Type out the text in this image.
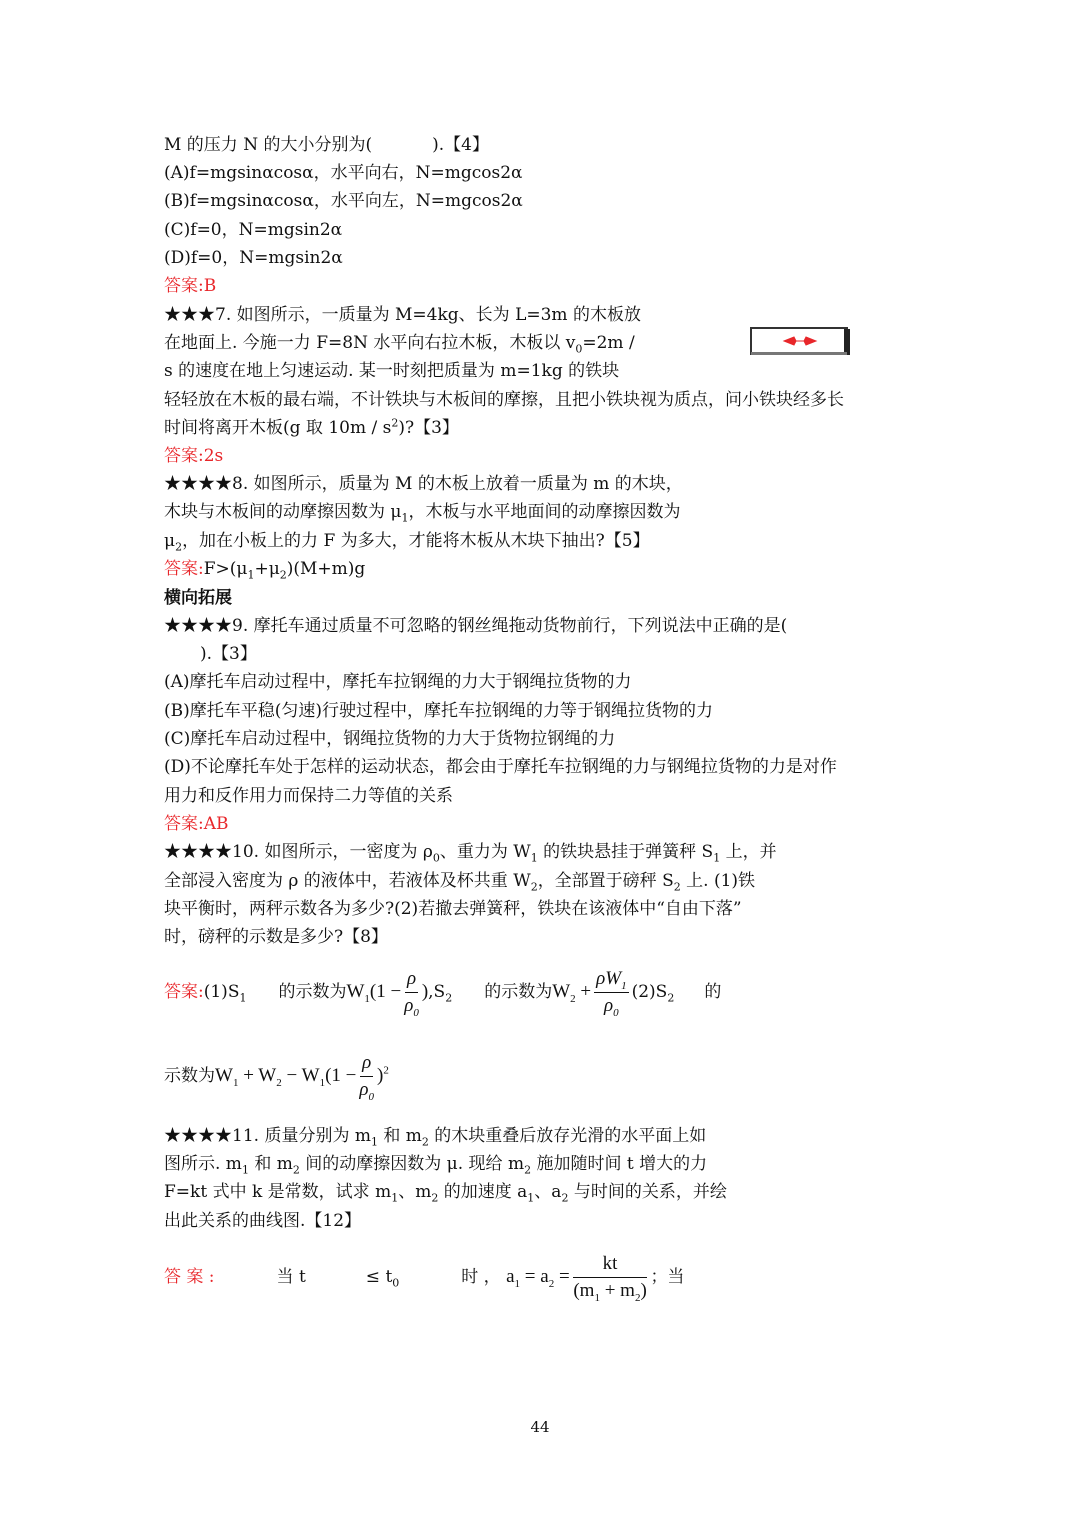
M 的压力 N 的大小分别为(	).【4】
(A)f=mgsinαcosα，水平向右，N=mgcos2α
(B)f=mgsinαcosα，水平向左，N=mgcos2α
(C)f=0，N=mgsin2α
(D)f=0，N=mgsin2α
答案:B
★★★7. 如图所示，一质量为 M=4kg、长为 L=3m 的木板放
在地面上. 今施一力 F=8N 水平向右拉木板，木板以 $v_0=2m$ /
s 的速度在地上匀速运动. 某一时刻把质量为 m=1kg 的铁块
轻轻放在木板的最右端，不计铁块与木板间的摩擦，且把小铁块视为质点，问小铁块经多长
时间将离开木板(g 取 $10m / s^2$)?【3】
答案:2s
★★★★8. 如图所示，质量为 M 的木板上放着一质量为 m 的木块，
木块与木板间的动摩擦因数为 $\mu_1$，木板与水平地面间的动摩擦因数为
$\mu_2$，加在小板上的力 F 为多大，才能将木板从木块下抽出?【5】
答案$:F>(\mu_1+\mu_2)(M+m)g$
横向拓展
★★★★9. 摩托车通过质量不可忽略的钢丝绳拖动货物前行，下列说法中正确的是(
).【3】
(A)摩托车启动过程中，摩托车拉钢绳的力大于钢绳拉货物的力
(B)摩托车平稳(匀速)行驶过程中，摩托车拉钢绳的力等于钢绳拉货物的力
(C)摩托车启动过程中，钢绳拉货物的力大于货物拉钢绳的力
(D)不论摩托车处于怎样的运动状态，都会由于摩托车拉钢绳的力与钢绳拉货物的力是对作
用力和反作用力而保持二力等值的关系
答案:AB
★★★★10. 如图所示，一密度为 $\rho_0$、重力为 $W_1$ 的铁块悬挂于弹簧秤 $S_1$ 上，并
全部浸入密度为 ρ 的液体中，若液体及杯共重 $W_2$，全部置于磅秤 $S_2$ 上. (1)铁
块平衡时，两秤示数各为多少?(2)若撤去弹簧秤，铁块在该液体中“自由下落”
时，磅秤的示数是多少?【8】
答案$:(1)S_1$ 的示数为$W_1(1 - \frac{\rho}{\rho_0} ),S_2$ 的示数为$W_2 + \frac{\rho W_1}{\rho_0} (2)S_2$ 的
示数为$W_1 + W_2 - W_1(1 - \frac{\rho}{\rho_0} )^2$
★★★★11. 质量分别为 $m_1$ 和 $m_2$ 的木块重叠后放存光滑的水平面上如
图所示. $m_1$ 和 $m_2$ 间的动摩擦因数为 μ. 现给 $m_2$ 施加随时间 t 增大的力
F=kt 式中 k 是常数，试求 $m_1$、$m_2$ 的加速度 $a_1$、$a_2$ 与时间的关系，并绘
出此关系的曲线图.【12】
答 案 :	当 t	≤ $t_0$	时 ， $a_1 = a_2 = \frac{kt}{(m_1 + m_2)}$ ；当
44
